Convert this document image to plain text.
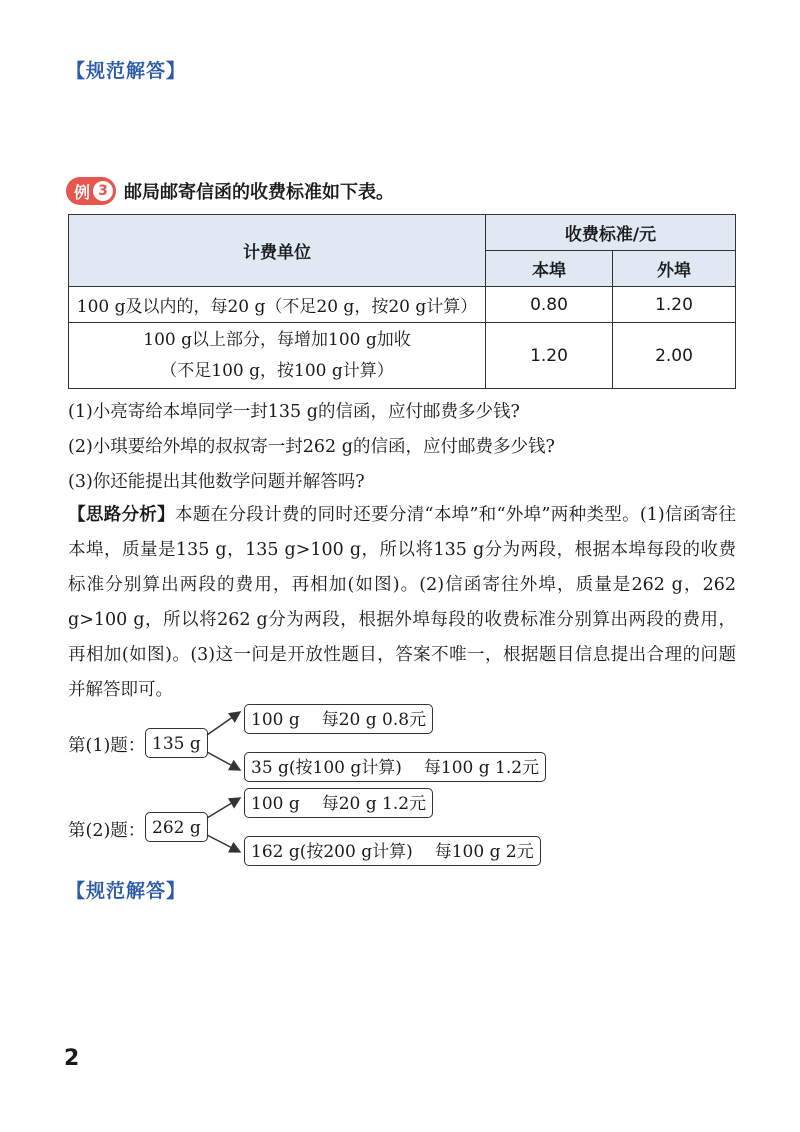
【规范解答】
例 3 邮局邮寄信函的收费标准如下表。
计费单位	收费标准/元	
	本埠	外埠
100 g及以内的，每20 g（不足20 g，按20 g计算）	0.80	1.20

100 g以上部分，每增加100 g加收
（不足100 g，按100 g计算）	1.20	2.00
(1)小亮寄给本埠同学一封135 g的信函，应付邮费多少钱?
(2)小琪要给外埠的叔叔寄一封262 g的信函，应付邮费多少钱?
(3)你还能提出其他数学问题并解答吗?
【思路分析】本题在分段计费的同时还要分清“本埠”和“外埠”两种类型。(1)信函寄往本埠，质量是135 g，135 g>100 g，所以将135 g分为两段，根据本埠每段的收费标准分别算出两段的费用，再相加(如图)。(2)信函寄往外埠，质量是262 g，262 g>100 g，所以将262 g分为两段，根据外埠每段的收费标准分别算出两段的费用，再相加(如图)。(3)这一问是开放性题目，答案不唯一，根据题目信息提出合理的问题并解答即可。
第(1)题： 135 g
100 g 每20 g 0.8元
35 g(按100 g计算) 每100 g 1.2元
第(2)题： 262 g
100 g 每20 g 1.2元
162 g(按200 g计算) 每100 g 2元
【规范解答】
2
